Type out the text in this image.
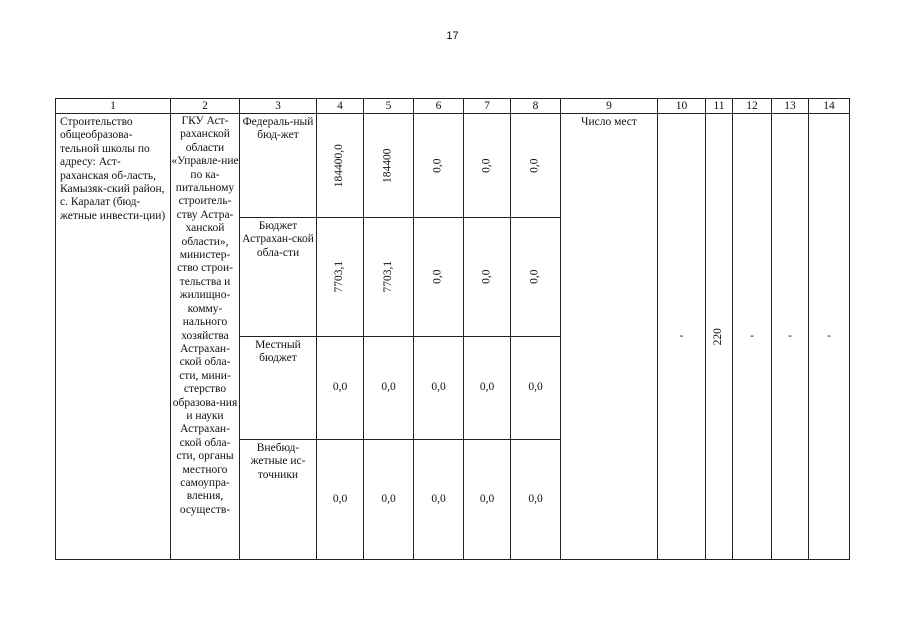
17
1	2	3	4	5	6	7	8	9	10	11	12	13	14
Строительство общеобразова-тельной школы по адресу: Аст-раханская об-ласть, Камызяк-ский район, с. Каралат (бюд-жетные инвести-ции)	ГКУ Аст-раханской области «Управле-ние по ка-питальному строитель-ству Астра-ханской области», министер-ство строи-тельства и жилищно-комму-нального хозяйства Астрахан-ской обла-сти, мини-стерство образова-ния и науки Астрахан-ской обла-сти, органы местного самоупра-вления, осуществ-	Федераль-ный бюд-жет	184400,0	184400	0,0	0,0	0,0	Число мест	-	220	-	-	-
		Бюджет Астрахан-ской обла-сти	7703,1	7703,1	0,0	0,0	0,0						
		Местный бюджет	0,0	0,0	0,0	0,0	0,0						
		Внебюд-жетные ис-точники	0,0	0,0	0,0	0,0	0,0						
